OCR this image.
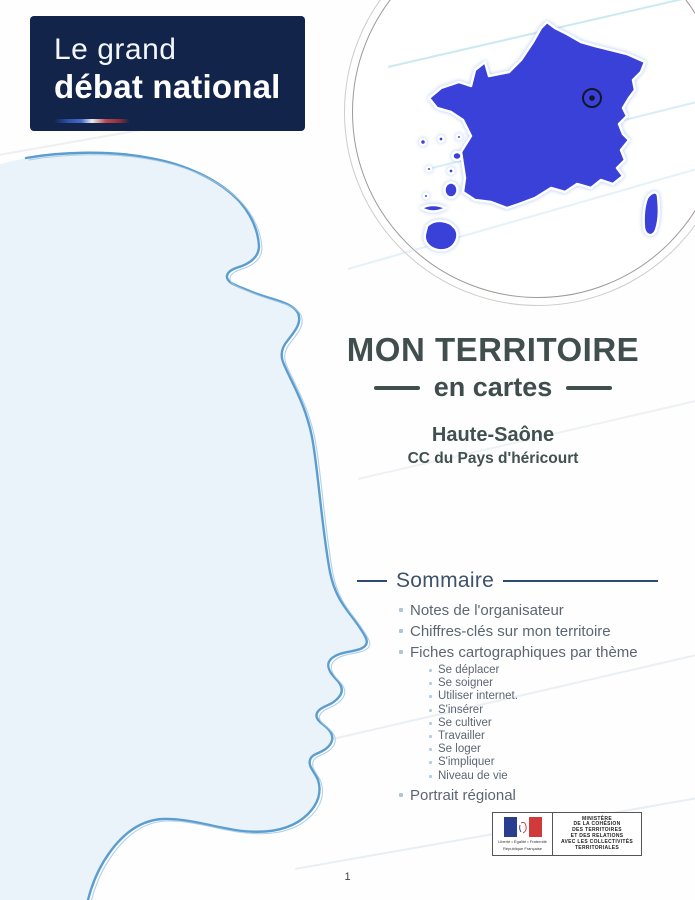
Le grand
débat national
MON TERRITOIRE
en cartes
Haute-Saône
CC du Pays d'héricourt
Sommaire
Notes de l'organisateur
Chiffres-clés sur mon territoire
Fiches cartographiques par thème
Se déplacer
Se soigner
Utiliser internet.
S'insérer
Se cultiver
Travailler
Se loger
S'impliquer
Niveau de vie
Portrait régional
Liberté • Égalité • Fraternité
République Française
MINISTÈRE
DE LA COHÉSION
DES TERRITOIRES
ET DES RELATIONS
AVEC LES COLLECTIVITÉS
TERRITORIALES
1
